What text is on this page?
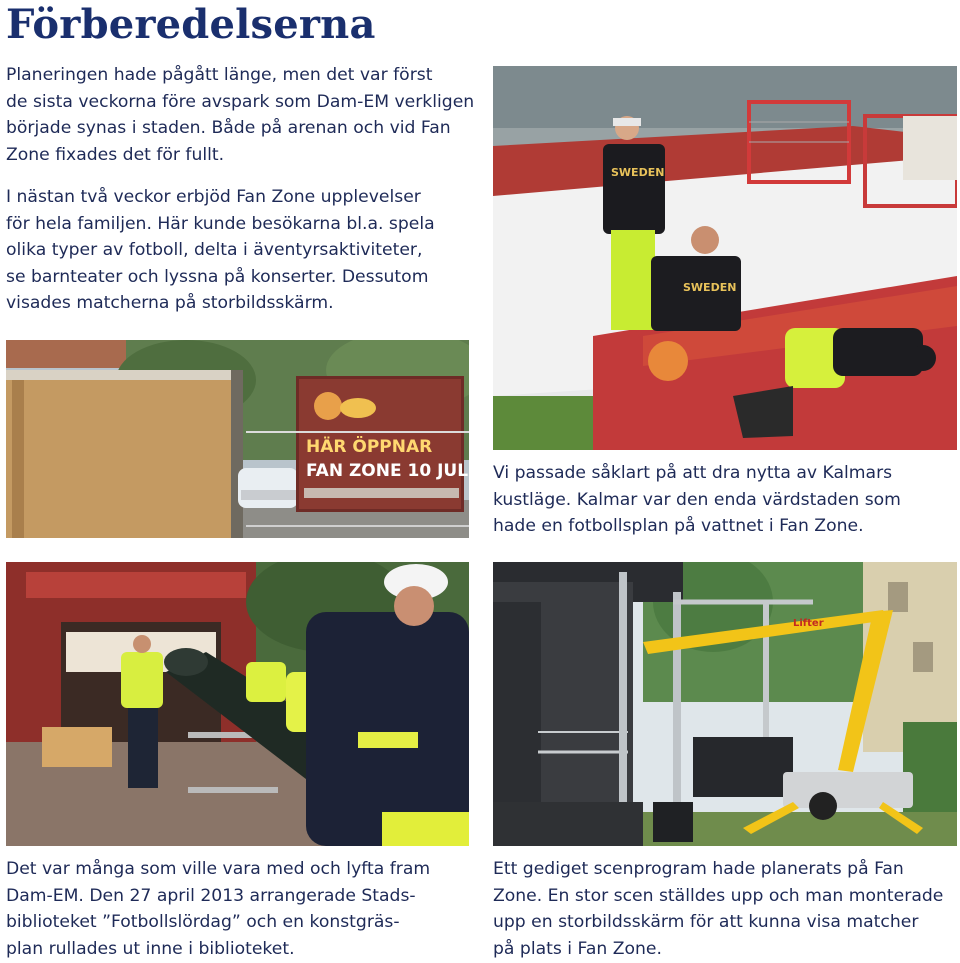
Förberedelserna

Planeringen hade pågått länge, men det var först
de sista veckorna före avspark som Dam-EM verkligen
började synas i staden. Både på arenan och vid Fan
Zone fixades det för fullt.

I nästan två veckor erbjöd Fan Zone upplevelser
för hela familjen. Här kunde besökarna bl.a. spela
olika typer av fotboll, delta i äventyrsaktiviteter,
se barnteater och lyssna på konserter. Dessutom
visades matcherna på storbildsskärm.

HÄR ÖPPNAR
FAN ZONE 10 JUL
SWEDEN
SWEDEN

Vi passade såklart på att dra nytta av Kalmars
kustläge. Kalmar var den enda värdstaden som
hade en fotbollsplan på vattnet i Fan Zone.

Lifter

Det var många som ville vara med och lyfta fram
Dam-EM. Den 27 april 2013 arrangerade Stads-
biblioteket ”Fotbollslördag” och en konstgräs-
plan rullades ut inne i biblioteket.

Ett gediget scenprogram hade planerats på Fan
Zone. En stor scen ställdes upp och man monterade
upp en storbildsskärm för att kunna visa matcher
på plats i Fan Zone.
